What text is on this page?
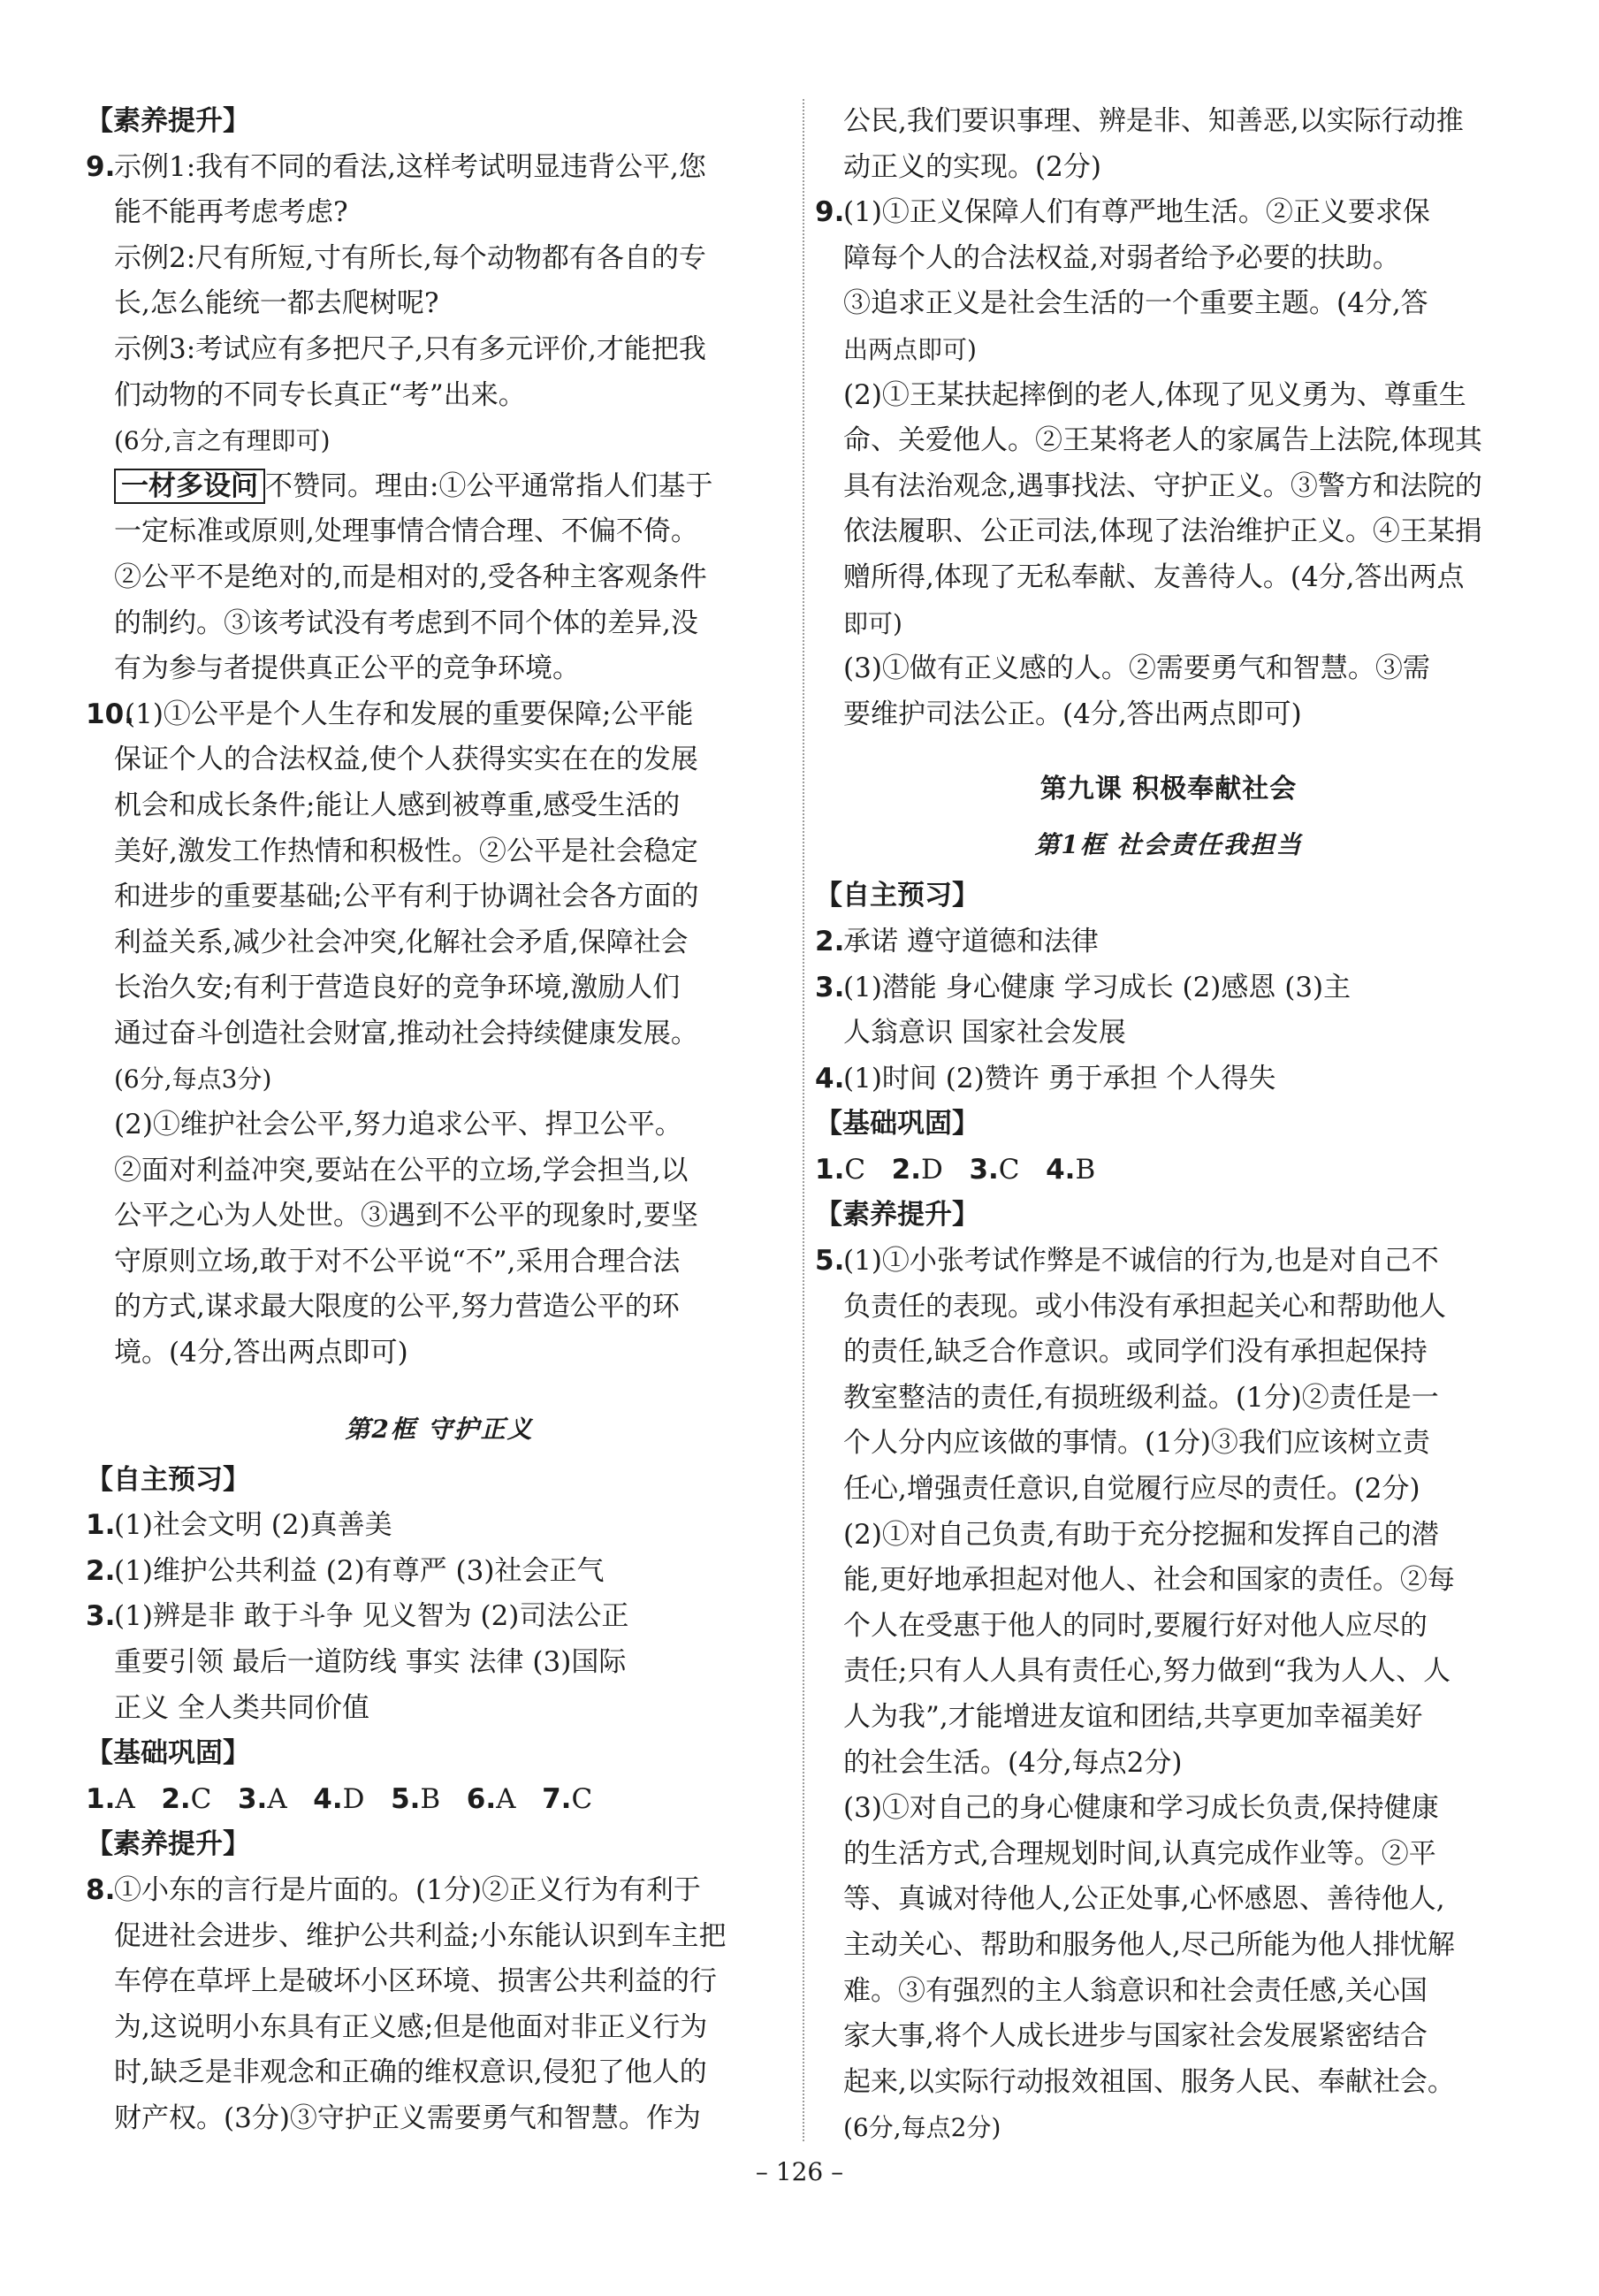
【素养提升】
9.示例1:我有不同的看法,这样考试明显违背公平,您
能不能再考虑考虑?
示例2:尺有所短,寸有所长,每个动物都有各自的专
长,怎么能统一都去爬树呢?
示例3:考试应有多把尺子,只有多元评价,才能把我
们动物的不同专长真正“考”出来。
(6分,言之有理即可)
一材多设问 不赞同。理由:①公平通常指人们基于
一定标准或原则,处理事情合情合理、不偏不倚。
②公平不是绝对的,而是相对的,受各种主客观条件
的制约。③该考试没有考虑到不同个体的差异,没
有为参与者提供真正公平的竞争环境。
10.(1)①公平是个人生存和发展的重要保障;公平能
保证个人的合法权益,使个人获得实实在在的发展
机会和成长条件;能让人感到被尊重,感受生活的
美好,激发工作热情和积极性。②公平是社会稳定
和进步的重要基础;公平有利于协调社会各方面的
利益关系,减少社会冲突,化解社会矛盾,保障社会
长治久安;有利于营造良好的竞争环境,激励人们
通过奋斗创造社会财富,推动社会持续健康发展。
(6分,每点3分)
(2)①维护社会公平,努力追求公平、捍卫公平。
②面对利益冲突,要站在公平的立场,学会担当,以
公平之心为人处世。③遇到不公平的现象时,要坚
守原则立场,敢于对不公平说“不”,采用合理合法
的方式,谋求最大限度的公平,努力营造公平的环
境。(4分,答出两点即可)
第2框 守护正义
【自主预习】
1.(1)社会文明 (2)真善美
2.(1)维护公共利益 (2)有尊严 (3)社会正气
3.(1)辨是非 敢于斗争 见义智为 (2)司法公正
重要引领 最后一道防线 事实 法律 (3)国际
正义 全人类共同价值
【基础巩固】
1.A 2.C 3.A 4.D 5.B 6.A 7.C
【素养提升】
8.①小东的言行是片面的。(1分)②正义行为有利于
促进社会进步、维护公共利益;小东能认识到车主把
车停在草坪上是破坏小区环境、损害公共利益的行
为,这说明小东具有正义感;但是他面对非正义行为
时,缺乏是非观念和正确的维权意识,侵犯了他人的
财产权。(3分)③守护正义需要勇气和智慧。作为
公民,我们要识事理、辨是非、知善恶,以实际行动推
动正义的实现。(2分)
9.(1)①正义保障人们有尊严地生活。②正义要求保
障每个人的合法权益,对弱者给予必要的扶助。
③追求正义是社会生活的一个重要主题。(4分,答
出两点即可)
(2)①王某扶起摔倒的老人,体现了见义勇为、尊重生
命、关爱他人。②王某将老人的家属告上法院,体现其
具有法治观念,遇事找法、守护正义。③警方和法院的
依法履职、公正司法,体现了法治维护正义。④王某捐
赠所得,体现了无私奉献、友善待人。(4分,答出两点
即可)
(3)①做有正义感的人。②需要勇气和智慧。③需
要维护司法公正。(4分,答出两点即可)
第九课 积极奉献社会
第1框 社会责任我担当
【自主预习】
2.承诺 遵守道德和法律
3.(1)潜能 身心健康 学习成长 (2)感恩 (3)主
人翁意识 国家社会发展
4.(1)时间 (2)赞许 勇于承担 个人得失
【基础巩固】
1.C 2.D 3.C 4.B
【素养提升】
5.(1)①小张考试作弊是不诚信的行为,也是对自己不
负责任的表现。或小伟没有承担起关心和帮助他人
的责任,缺乏合作意识。或同学们没有承担起保持
教室整洁的责任,有损班级利益。(1分)②责任是一
个人分内应该做的事情。(1分)③我们应该树立责
任心,增强责任意识,自觉履行应尽的责任。(2分)
(2)①对自己负责,有助于充分挖掘和发挥自己的潜
能,更好地承担起对他人、社会和国家的责任。②每
个人在受惠于他人的同时,要履行好对他人应尽的
责任;只有人人具有责任心,努力做到“我为人人、人
人为我”,才能增进友谊和团结,共享更加幸福美好
的社会生活。(4分,每点2分)
(3)①对自己的身心健康和学习成长负责,保持健康
的生活方式,合理规划时间,认真完成作业等。②平
等、真诚对待他人,公正处事,心怀感恩、善待他人,
主动关心、帮助和服务他人,尽己所能为他人排忧解
难。③有强烈的主人翁意识和社会责任感,关心国
家大事,将个人成长进步与国家社会发展紧密结合
起来,以实际行动报效祖国、服务人民、奉献社会。
(6分,每点2分)
– 126 –
